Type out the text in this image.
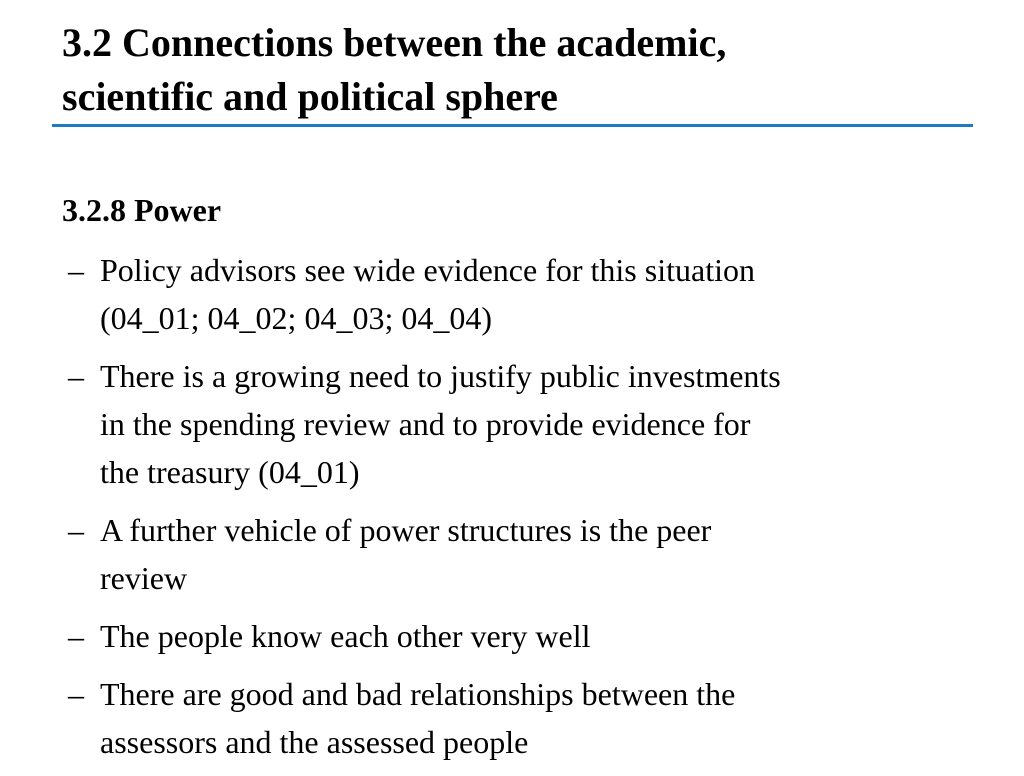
3.2 Connections between the academic,
scientific and political sphere
3.2.8 Power
– Policy advisors see wide evidence for this situation
(04_01; 04_02; 04_03; 04_04)
– There is a growing need to justify public investments
in the spending review and to provide evidence for
the treasury (04_01)
– A further vehicle of power structures is the peer
review
– The people know each other very well
– There are good and bad relationships between the
assessors and the assessed people
